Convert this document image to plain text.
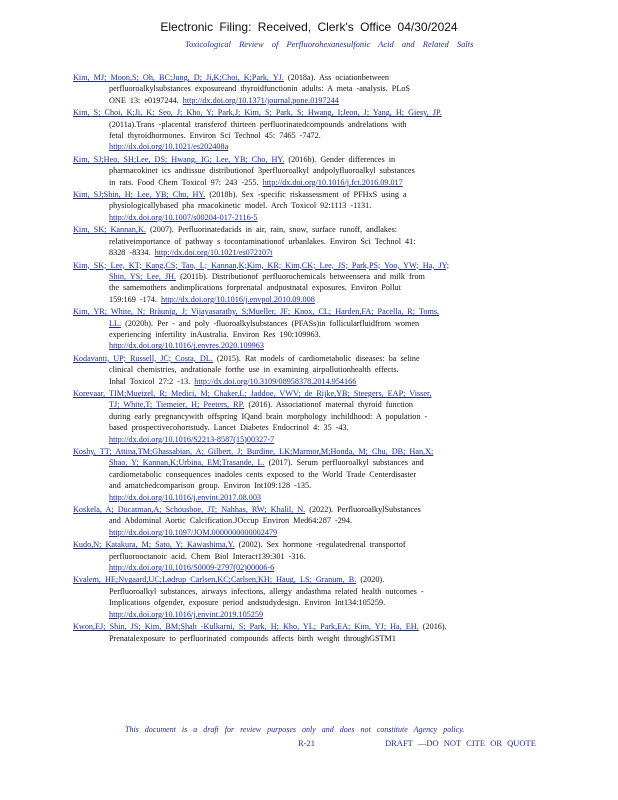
Electronic Filing: Received, Clerk's Office 04/30/2024
Toxicological Review of Perfluorohexanesulfonic Acid and Related Salts
Kim, MJ; Moon,S; Oh, BC;Jung, D; Ji,K;Choi, K;Park, YJ. (2018a). Ass ociationbetween
perfluoroalkylsubstances exposureand thyroidfunctionin adults: A meta -analysis. PLoS
ONE 13: e0197244. http://dx.doi.org/10.1371/journal.pone.0197244
Kim, S; Choi, K;Ji, K; Seo, J; Kho, Y; Park,J; Kim, S; Park, S; Hwang, I;Jeon, J; Yang, H; Giesy, JP.
(2011a).Trans -placental transferof thirteen perfluorinatedcompounds andrelations with
fetal thyroidhormones. Environ Sci Technol 45: 7465 -7472.
http://dx.doi.org/10.1021/es202408a
Kim, SJ;Heo, SH;Lee, DS; Hwang, IG; Lee, YB; Cho, HY. (2016b). Gender differences in
pharmacokinet ics andtissue distributionof 3perfluoroalkyl andpolyfluoroalkyl substances
in rats. Food Chem Toxicol 97: 243 -255. http://dx.doi.org/10.1016/j.fct.2016.09.017
Kim, SJ;Shin, H; Lee, YB; Cho, HY. (2018b). Sex -specific riskassessment of PFHxS using a
physiologicallybased pha rmacokinetic model. Arch Toxicol 92:1113 -1131.
http://dx.doi.org/10.1007/s00204-017-2116-5
Kim, SK; Kannan,K. (2007). Perfluorinatedacids in air, rain, snow, surface runoff, andlakes:
relativeimportance of pathway s tocontaminationof urbanlakes. Environ Sci Technol 41:
8328 -8334. http://dx.doi.org/10.1021/es072107t
Kim, SK; Lee, KT; Kang,CS; Tao, L; Kannan,K;Kim, KR; Kim,CK; Lee, JS; Park,PS; Yoo, YW; Ha, JY;
Shin, YS; Lee, JH. (2011b). Distributionof perfluorochemicals betweensera and milk from
the samemothers andimplications forprenatal andpostnatal exposures. Environ Pollut
159:169 -174. http://dx.doi.org/10.1016/j.envpol.2010.09.008
Kim, YR; White, N; Bräunig, J; Vijayasarathy, S;Mueller, JF; Knox, CL; Harden,FA; Pacella, R; Toms,
LL. (2020b). Per - and poly -fluoroalkylsubstances (PFASs)in follicularfluidfrom women
experiencing infertility inAustralia. Environ Res 190:109963.
http://dx.doi.org/10.1016/j.envres.2020.109963
Kodavanti, UP; Russell, JC; Costa, DL. (2015). Rat models of cardiometabolic diseases: ba seline
clinical chemistries, andrationale forthe use in examining airpollutionhealth effects.
Inhal Toxicol 27:2 -13. http://dx.doi.org/10.3109/08958378.2014.954166
Korevaar, TIM;Muetzel, R; Medici, M; Chaker,L; Jaddoe, VWV; de Rijke,YB; Steegers, EAP; Visser,
TJ; White,T; Tiemeier, H; Peeters, RP. (2016). Associationof maternal thyroid function
during early pregnancywith offspring IQand brain morphology inchildhood: A population -
based prospectivecohortstudy. Lancet Diabetes Endocrinol 4: 35 -43.
http://dx.doi.org/10.1016/S2213-8587(15)00327-7
Koshy, TT; Attina,TM;Ghassabian, A; Gilbert, J; Burdine, LK;Marmor,M;Honda, M; Chu, DB; Han,X;
Shao, Y; Kannan,K;Urbina, EM;Trasande, L. (2017). Serum perfluoroalkyl substances and
cardiometabolic consequences inadoles cents exposed to the World Trade Centerdisaster
and amatchedcomparison group. Environ Int109:128 -135.
http://dx.doi.org/10.1016/j.envint.2017.08.003
Koskela, A; Ducatman,A; Schousboe, JT; Nahhas, RW; Khalil, N. (2022). PerfluoroalkylSubstances
and Abdominal Aortic Calcification.JOccup Environ Med64:287 -294.
http://dx.doi.org/10.1097/JOM.0000000000002479
Kudo,N; Katakura, M; Sato, Y; Kawashima,Y. (2002). Sex hormone -regulatedrenal transportof
perfluorooctanoic acid. Chem Biol Interact139:301 -316.
http://dx.doi.org/10.1016/S0009-2797(02)00006-6
Kvalem, HE;Nygaard,UC;Lødrup Carlsen,KC;Carlsen,KH; Haug, LS; Granum, B. (2020).
Perfluoroalkyl substances, airways infections, allergy andasthma related health outcomes -
Implications ofgender, exposure period andstudydesign. Environ Int134:105259.
http://dx.doi.org/10.1016/j.envint.2019.105259
Kwon,EJ; Shin, JS; Kim, BM;Shah -Kulkarni, S; Park, H; Kho, YL; Park,EA; Kim, YJ; Ha, EH. (2016).
Prenatalexposure to perfluorinated compounds affects birth weight throughGSTM1
This document is a draft for review purposes only and does not constitute Agency policy.
R-21	DRAFT —DO NOT CITE OR QUOTE
